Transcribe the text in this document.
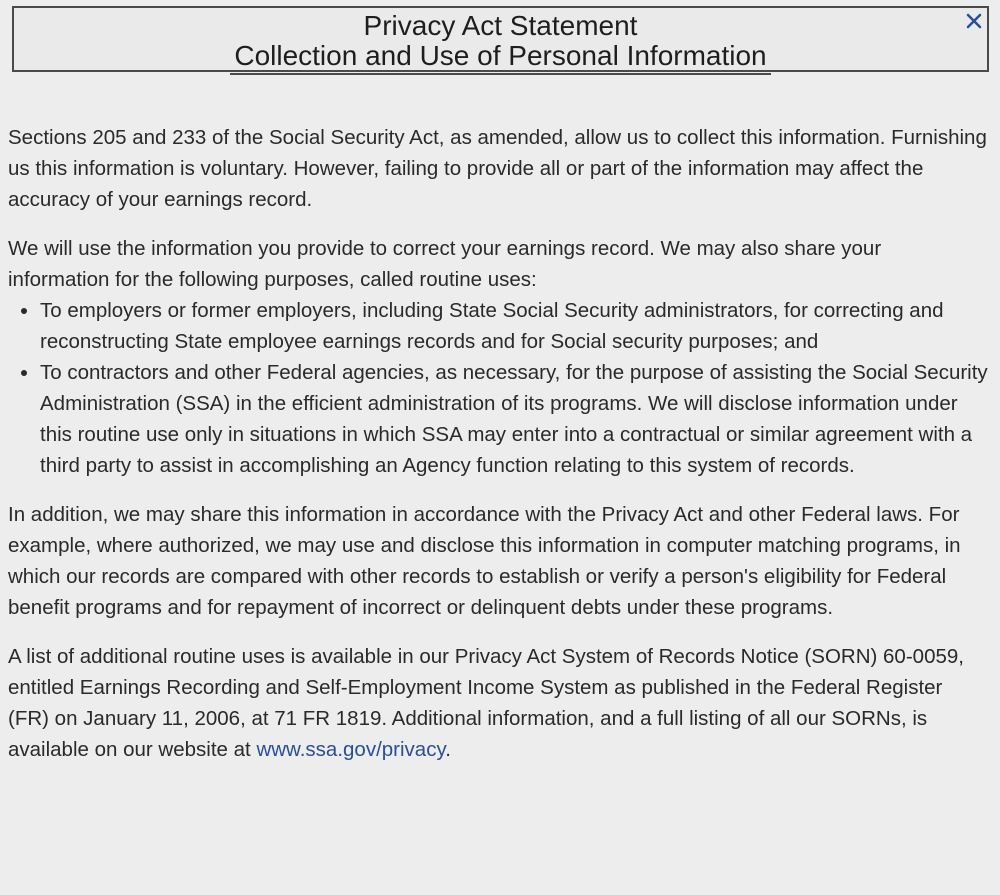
Privacy Act Statement
Collection and Use of Personal Information

Sections 205 and 233 of the Social Security Act, as amended, allow us to collect this information. Furnishing us this information is voluntary. However, failing to provide all or part of the information may affect the accuracy of your earnings record.

We will use the information you provide to correct your earnings record. We may also share your information for the following purposes, called routine uses:

• To employers or former employers, including State Social Security administrators, for correcting and reconstructing State employee earnings records and for Social security purposes; and
• To contractors and other Federal agencies, as necessary, for the purpose of assisting the Social Security Administration (SSA) in the efficient administration of its programs. We will disclose information under this routine use only in situations in which SSA may enter into a contractual or similar agreement with a third party to assist in accomplishing an Agency function relating to this system of records.

In addition, we may share this information in accordance with the Privacy Act and other Federal laws. For example, where authorized, we may use and disclose this information in computer matching programs, in which our records are compared with other records to establish or verify a person's eligibility for Federal benefit programs and for repayment of incorrect or delinquent debts under these programs.

A list of additional routine uses is available in our Privacy Act System of Records Notice (SORN) 60-0059, entitled Earnings Recording and Self-Employment Income System as published in the Federal Register (FR) on January 11, 2006, at 71 FR 1819. Additional information, and a full listing of all our SORNs, is available on our website at www.ssa.gov/privacy.
